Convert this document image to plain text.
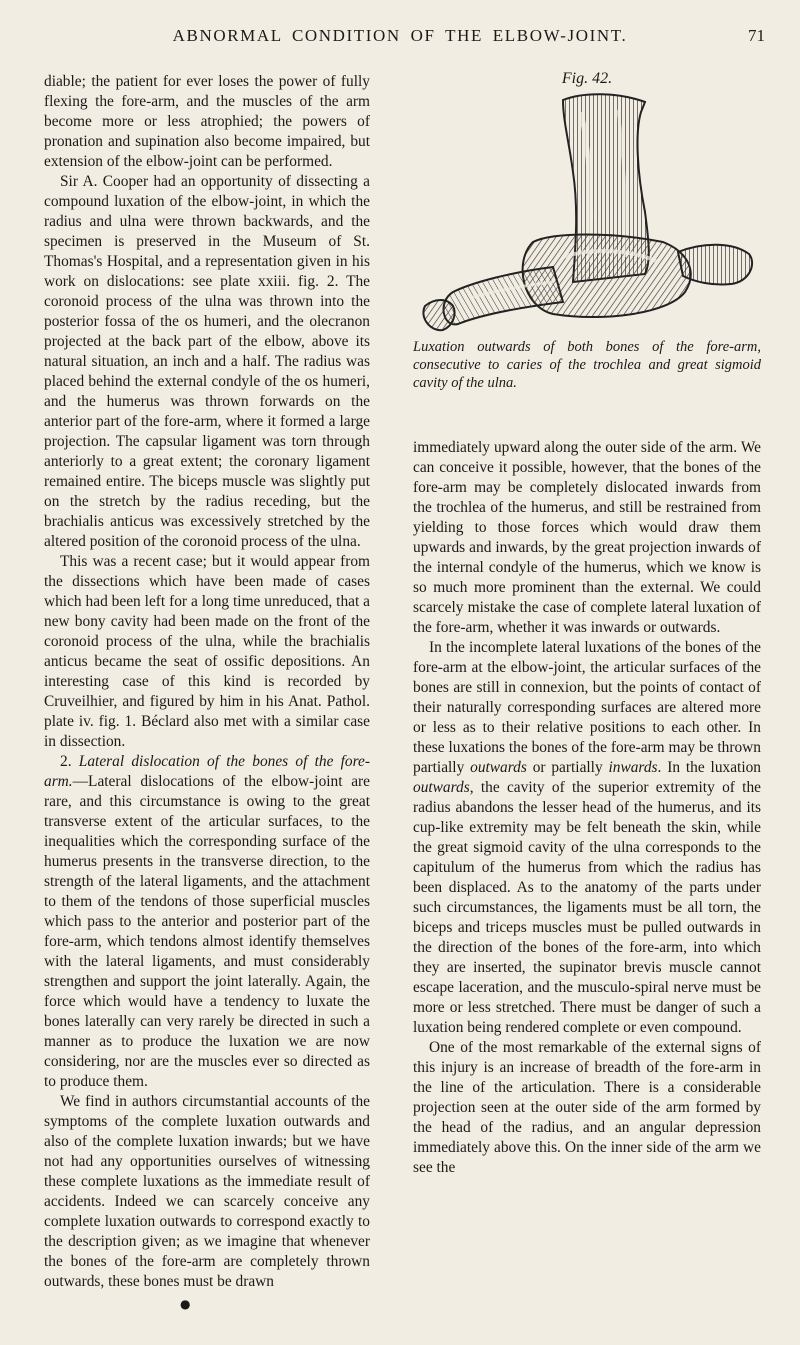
ABNORMAL CONDITION OF THE ELBOW-JOINT.	71

diable; the patient for ever loses the power of fully flexing the fore-arm, and the muscles of the arm become more or less atrophied; the powers of pronation and supination also become impaired, but extension of the elbow-joint can be performed.

Sir A. Cooper had an opportunity of dissecting a compound luxation of the elbow-joint, in which the radius and ulna were thrown backwards, and the specimen is preserved in the Museum of St. Thomas's Hospital, and a representation given in his work on dislocations: see plate xxiii. fig. 2. The coronoid process of the ulna was thrown into the posterior fossa of the os humeri, and the olecranon projected at the back part of the elbow, above its natural situation, an inch and a half. The radius was placed behind the external condyle of the os humeri, and the humerus was thrown forwards on the anterior part of the fore-arm, where it formed a large projection. The capsular ligament was torn through anteriorly to a great extent; the coronary ligament remained entire. The biceps muscle was slightly put on the stretch by the radius receding, but the brachialis anticus was excessively stretched by the altered position of the coronoid process of the ulna.

This was a recent case; but it would appear from the dissections which have been made of cases which had been left for a long time unreduced, that a new bony cavity had been made on the front of the coronoid process of the ulna, while the brachialis anticus became the seat of ossific depositions. An interesting case of this kind is recorded by Cruveilhier, and figured by him in his Anat. Pathol. plate iv. fig. 1. Béclard also met with a similar case in dissection.

2. Lateral dislocation of the bones of the fore-arm.—Lateral dislocations of the elbow-joint are rare, and this circumstance is owing to the great transverse extent of the articular surfaces, to the inequalities which the corresponding surface of the humerus presents in the transverse direction, to the strength of the lateral ligaments, and the attachment to them of the tendons of those superficial muscles which pass to the anterior and posterior part of the fore-arm, which tendons almost identify themselves with the lateral ligaments, and must considerably strengthen and support the joint laterally. Again, the force which would have a tendency to luxate the bones laterally can very rarely be directed in such a manner as to produce the luxation we are now considering, nor are the muscles ever so directed as to produce them.

We find in authors circumstantial accounts of the symptoms of the complete luxation outwards and also of the complete luxation inwards; but we have not had any opportunities ourselves of witnessing these complete luxations as the immediate result of accidents. Indeed we can scarcely conceive any complete luxation outwards to correspond exactly to the description given; as we imagine that whenever the bones of the fore-arm are completely thrown outwards, these bones must be drawn

Fig. 42.
Luxation outwards of both bones of the fore-arm, consecutive to caries of the trochlea and great sigmoid cavity of the ulna.

immediately upward along the outer side of the arm. We can conceive it possible, however, that the bones of the fore-arm may be completely dislocated inwards from the trochlea of the humerus, and still be restrained from yielding to those forces which would draw them upwards and inwards, by the great projection inwards of the internal condyle of the humerus, which we know is so much more prominent than the external. We could scarcely mistake the case of complete lateral luxation of the fore-arm, whether it was inwards or outwards.

In the incomplete lateral luxations of the bones of the fore-arm at the elbow-joint, the articular surfaces of the bones are still in connexion, but the points of contact of their naturally corresponding surfaces are altered more or less as to their relative positions to each other. In these luxations the bones of the fore-arm may be thrown partially outwards or partially inwards. In the luxation outwards, the cavity of the superior extremity of the radius abandons the lesser head of the humerus, and its cup-like extremity may be felt beneath the skin, while the great sigmoid cavity of the ulna corresponds to the capitulum of the humerus from which the radius has been displaced. As to the anatomy of the parts under such circumstances, the ligaments must be all torn, the biceps and triceps muscles must be pulled outwards in the direction of the bones of the fore-arm, into which they are inserted, the supinator brevis muscle cannot escape laceration, and the musculo-spiral nerve must be more or less stretched. There must be danger of such a luxation being rendered complete or even compound.

One of the most remarkable of the external signs of this injury is an increase of breadth of the fore-arm in the line of the articulation. There is a considerable projection seen at the outer side of the arm formed by the head of the radius, and an angular depression immediately above this. On the inner side of the arm we see the

●
